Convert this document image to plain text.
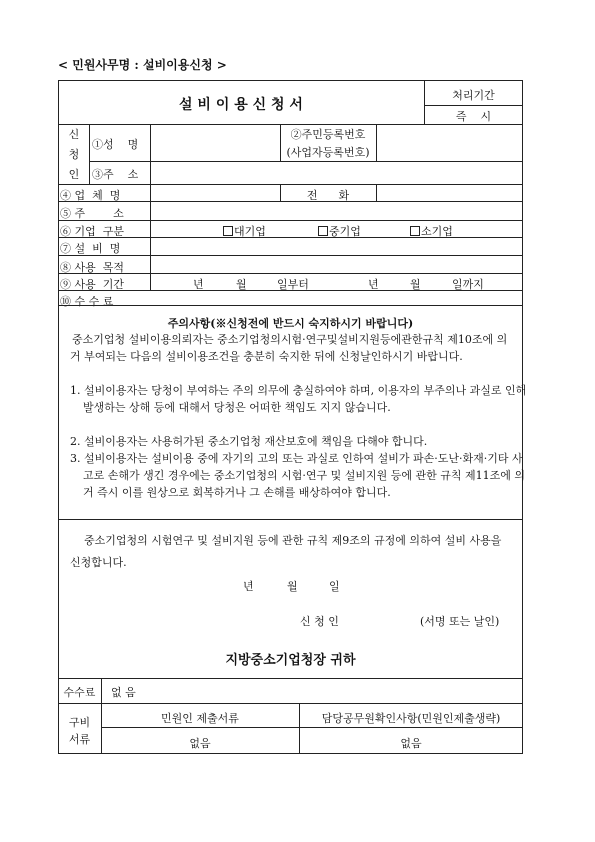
< 민원사무명 : 설비이용신청 >
설 비 이 용 신 청 서
처리기간
즉    시
신
청
인
①성    명
②주민등록번호
(사업자등록번호)
③주    소
④ 업  체  명	전      화
⑤ 주        소
⑥ 기업  구분	대기업	중기업	소기업
⑦ 설  비  명
⑧ 사용  목적
⑨ 사용  기간	년	월	일부터	년	월	일까지
⑩ 수 수 료
주의사항(※신청전에 반드시 숙지하시기 바랍니다)
중소기업청 설비이용의뢰자는 중소기업청의시험·연구및설비지원등에관한규칙 제10조에 의거 부여되는 다음의 설비이용조건을 충분히 숙지한 뒤에 신청날인하시기 바랍니다.
1. 설비이용자는 당청이 부여하는 주의 의무에 충실하여야 하며, 이용자의 부주의나 과실로 인해 발생하는 상해 등에 대해서 당청은 어떠한 책임도 지지 않습니다.
2. 설비이용자는 사용허가된 중소기업청 재산보호에 책임을 다해야 합니다.
3. 설비이용자는 설비이용 중에 자기의 고의 또는 과실로 인하여 설비가 파손·도난·화재·기타 사고로 손해가 생긴 경우에는 중소기업청의 시험·연구 및 설비지원 등에 관한 규칙 제11조에 의거 즉시 이를 원상으로 회복하거나 그 손해를 배상하여야 합니다.
중소기업청의 시험연구 및 설비지원 등에 관한 규칙 제9조의 규정에 의하여 설비 사용을 신청합니다.
년	월	일
신 청 인	(서명 또는 날인)
지방중소기업청장 귀하
수수료	없 음
구비
서류
민원인 제출서류	담당공무원확인사항(민원인제출생략)
없음	없음
